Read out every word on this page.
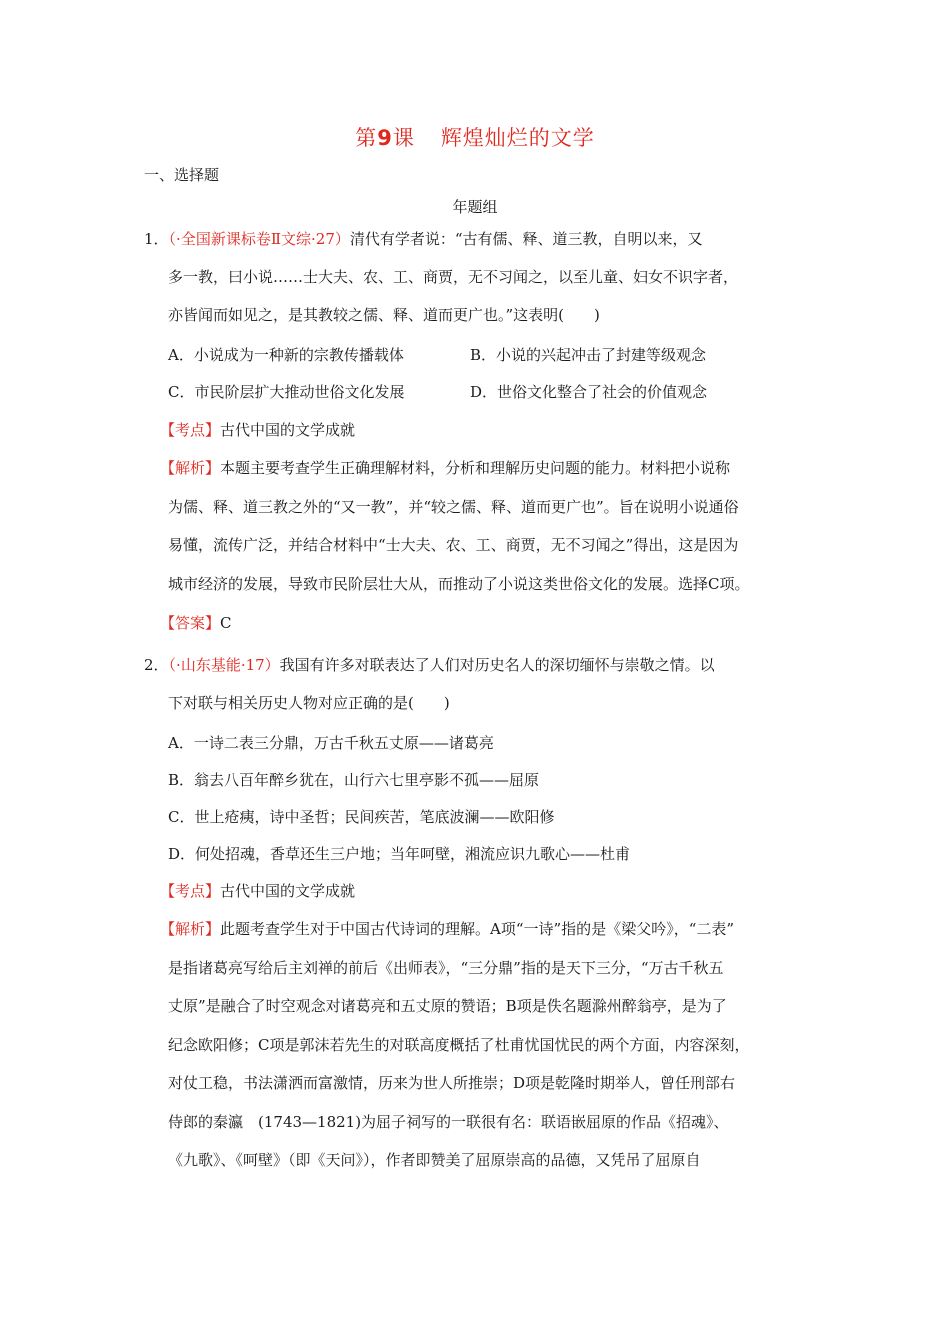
第9课 辉煌灿烂的文学
一、选择题
年题组
1．（·全国新课标卷Ⅱ文综·27）清代有学者说：“古有儒、释、道三教，自明以来，又
多一教，曰小说……士大夫、农、工、商贾，无不习闻之，以至儿童、妇女不识字者，
亦皆闻而如见之，是其教较之儒、释、道而更广也。”这表明(　　)
A．小说成为一种新的宗教传播载体	B．小说的兴起冲击了封建等级观念
C．市民阶层扩大推动世俗文化发展	D．世俗文化整合了社会的价值观念
【考点】古代中国的文学成就
【解析】本题主要考查学生正确理解材料，分析和理解历史问题的能力。材料把小说称
为儒、释、道三教之外的“又一教”，并“较之儒、释、道而更广也”。旨在说明小说通俗
易懂，流传广泛，并结合材料中“士大夫、农、工、商贾，无不习闻之”得出，这是因为
城市经济的发展，导致市民阶层壮大从，而推动了小说这类世俗文化的发展。选择C项。
【答案】C
2．（·山东基能·17）我国有许多对联表达了人们对历史名人的深切缅怀与崇敬之情。以
下对联与相关历史人物对应正确的是(　　)
A．一诗二表三分鼎，万古千秋五丈原——诸葛亮
B．翁去八百年醉乡犹在，山行六七里亭影不孤——屈原
C．世上疮痍，诗中圣哲；民间疾苦，笔底波澜——欧阳修
D．何处招魂，香草还生三户地；当年呵壁，湘流应识九歌心——杜甫
【考点】古代中国的文学成就
【解析】此题考查学生对于中国古代诗词的理解。A项“一诗”指的是《梁父吟》，“二表”
是指诸葛亮写给后主刘禅的前后《出师表》，“三分鼎”指的是天下三分，“万古千秋五
丈原”是融合了时空观念对诸葛亮和五丈原的赞语；B项是佚名题滁州醉翁亭，是为了
纪念欧阳修；C项是郭沫若先生的对联高度概括了杜甫忧国忧民的两个方面，内容深刻，
对仗工稳，书法潇洒而富激情，历来为世人所推崇；D项是乾隆时期举人，曾任刑部右
侍郎的秦瀛　(1743—1821)为屈子祠写的一联很有名：联语嵌屈原的作品《招魂》、
《九歌》、《呵壁》（即《天问》），作者即赞美了屈原崇高的品德，又凭吊了屈原自
